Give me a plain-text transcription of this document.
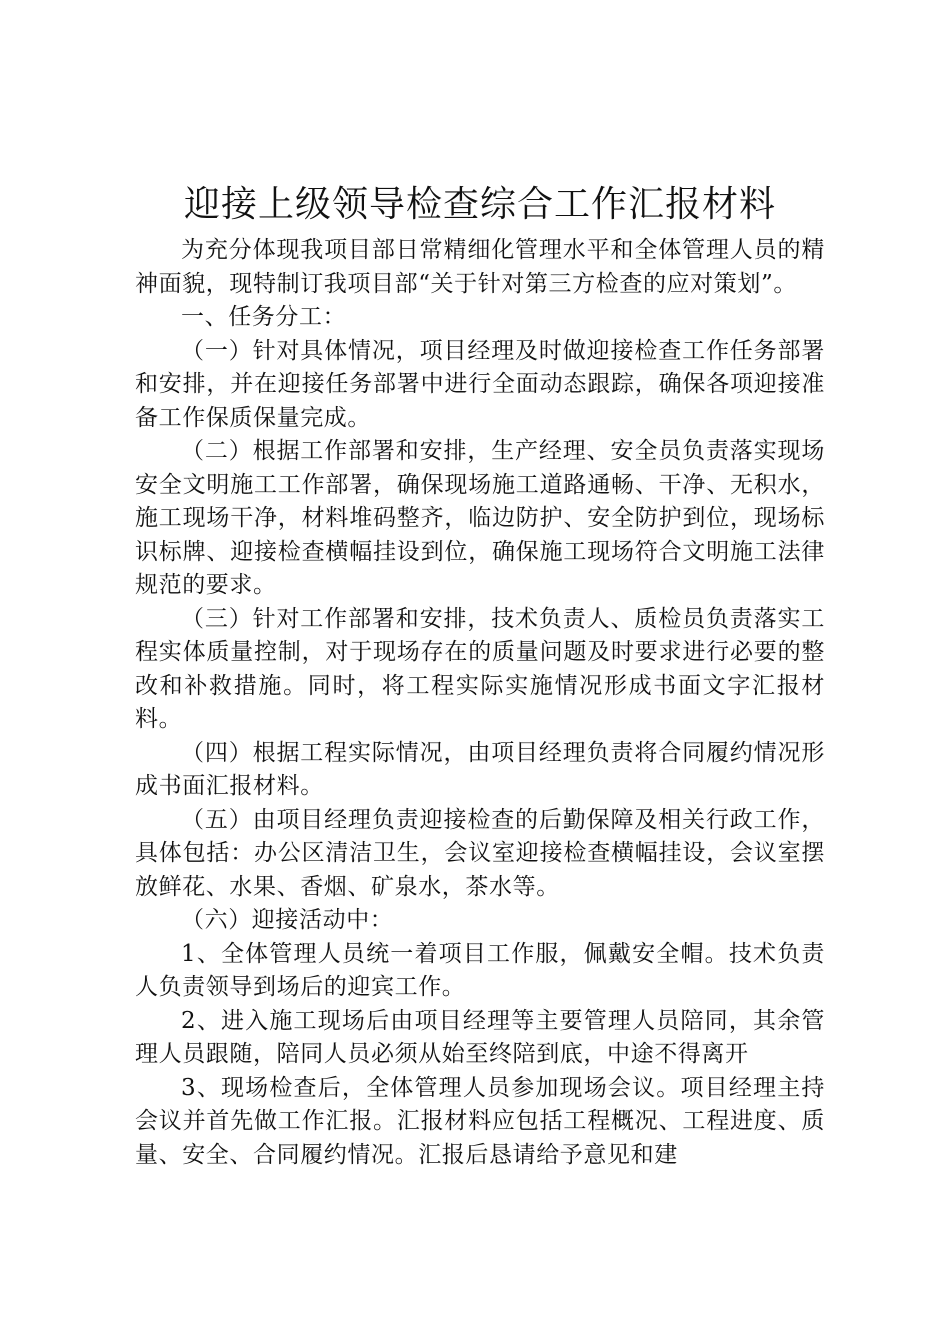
迎接上级领导检查综合工作汇报材料

为充分体现我项目部日常精细化管理水平和全体管理人员的精神面貌，现特制订我项目部“关于针对第三方检查的应对策划”。

一、任务分工：

（一）针对具体情况，项目经理及时做迎接检查工作任务部署和安排，并在迎接任务部署中进行全面动态跟踪，确保各项迎接准备工作保质保量完成。

（二）根据工作部署和安排，生产经理、安全员负责落实现场安全文明施工工作部署，确保现场施工道路通畅、干净、无积水，施工现场干净，材料堆码整齐，临边防护、安全防护到位，现场标识标牌、迎接检查横幅挂设到位，确保施工现场符合文明施工法律规范的要求。

（三）针对工作部署和安排，技术负责人、质检员负责落实工程实体质量控制，对于现场存在的质量问题及时要求进行必要的整改和补救措施。同时，将工程实际实施情况形成书面文字汇报材料。

（四）根据工程实际情况，由项目经理负责将合同履约情况形成书面汇报材料。

（五）由项目经理负责迎接检查的后勤保障及相关行政工作，具体包括：办公区清洁卫生，会议室迎接检查横幅挂设，会议室摆放鲜花、水果、香烟、矿泉水，茶水等。

（六）迎接活动中：

1、全体管理人员统一着项目工作服，佩戴安全帽。技术负责人负责领导到场后的迎宾工作。

2、进入施工现场后由项目经理等主要管理人员陪同，其余管理人员跟随，陪同人员必须从始至终陪到底，中途不得离开

3、现场检查后，全体管理人员参加现场会议。项目经理主持会议并首先做工作汇报。汇报材料应包括工程概况、工程进度、质量、安全、合同履约情况。汇报后恳请给予意见和建
